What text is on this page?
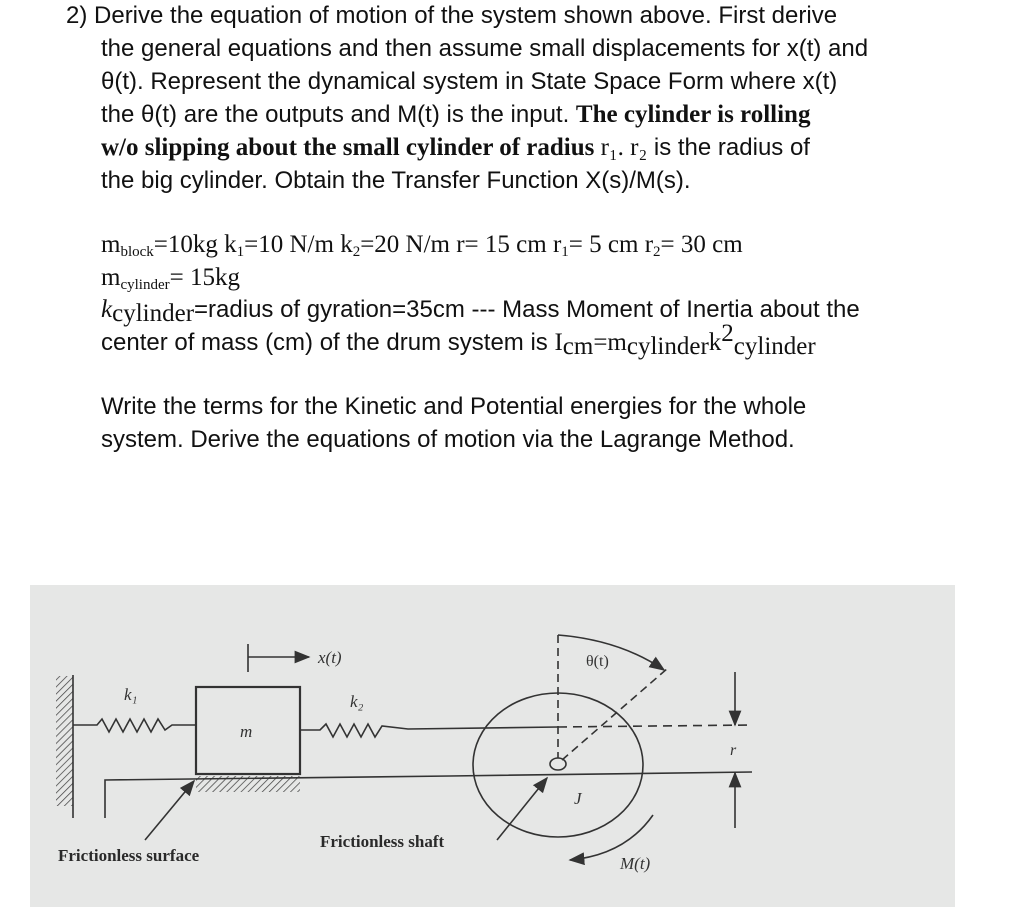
2) Derive the equation of motion of the system shown above. First derive
the general equations and then assume small displacements for x(t) and
θ(t). Represent the dynamical system in State Space Form where x(t)
the θ(t) are the outputs and M(t) is the input. The cylinder is rolling
w/o slipping about the small cylinder of radius r₁. r₂ is the radius of
the big cylinder. Obtain the Transfer Function X(s)/M(s).
$m_{block}=10kg$ $k_1=10$ N/m $k_2=20$ N/m r= 15 cm $r_1= 5$ cm $r_2= 30$ cm
$m_{cylinder}= 15kg$
$k_{cylinder}=radius$ of gyration=35cm --- Mass Moment of Inertia about the
center of mass (cm) of the drum system is $I_{cm}=m_{cylinder}k^2_{cylinder}$
Write the terms for the Kinetic and Potential energies for the whole
system. Derive the equations of motion via the Lagrange Method.
x(t)
k₁	k₂
m
θ(t)
r
J
M(t)
Frictionless surface
Frictionless shaft
